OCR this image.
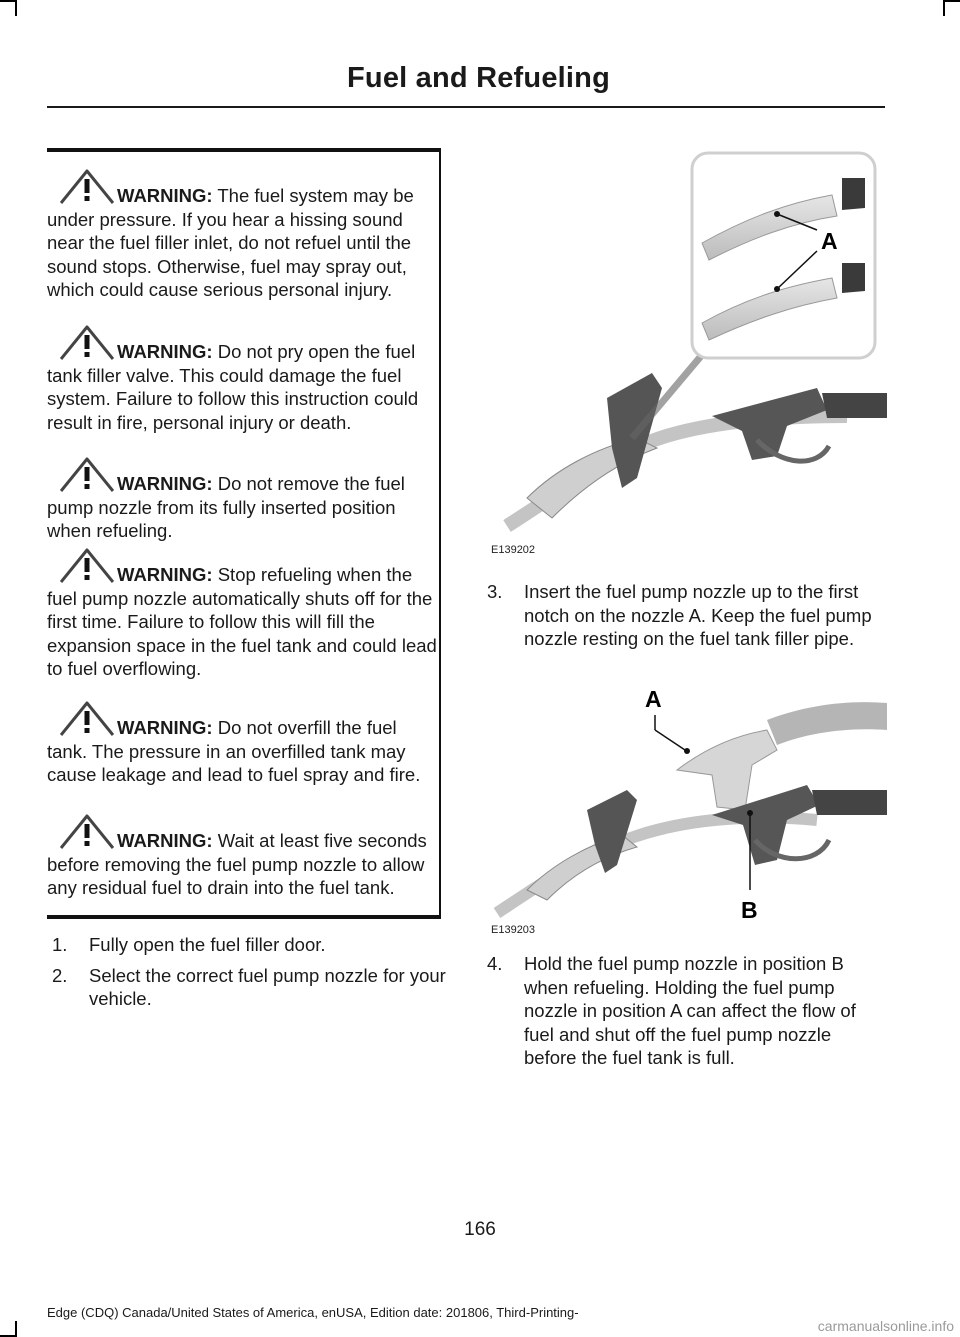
Fuel and Refueling

WARNING: The fuel system may be under pressure. If you hear a hissing sound near the fuel filler inlet, do not refuel until the sound stops. Otherwise, fuel may spray out, which could cause serious personal injury.

WARNING: Do not pry open the fuel tank filler valve. This could damage the fuel system. Failure to follow this instruction could result in fire, personal injury or death.

WARNING: Do not remove the fuel pump nozzle from its fully inserted position when refueling.

WARNING: Stop refueling when the fuel pump nozzle automatically shuts off for the first time. Failure to follow this will fill the expansion space in the fuel tank and could lead to fuel overflowing.

WARNING: Do not overfill the fuel tank. The pressure in an overfilled tank may cause leakage and lead to fuel spray and fire.

WARNING: Wait at least five seconds before removing the fuel pump nozzle to allow any residual fuel to drain into the fuel tank.

1. Fully open the fuel filler door.
2. Select the correct fuel pump nozzle for your vehicle.
A
E139202
3. Insert the fuel pump nozzle up to the first notch on the nozzle A. Keep the fuel pump nozzle resting on the fuel tank filler pipe.
A
B
E139203
4. Hold the fuel pump nozzle in position B when refueling. Holding the fuel pump nozzle in position A can affect the flow of fuel and shut off the fuel pump nozzle before the fuel tank is full.
166
Edge (CDQ) Canada/United States of America, enUSA, Edition date: 201806, Third-Printing-
carmanualsonline.info
